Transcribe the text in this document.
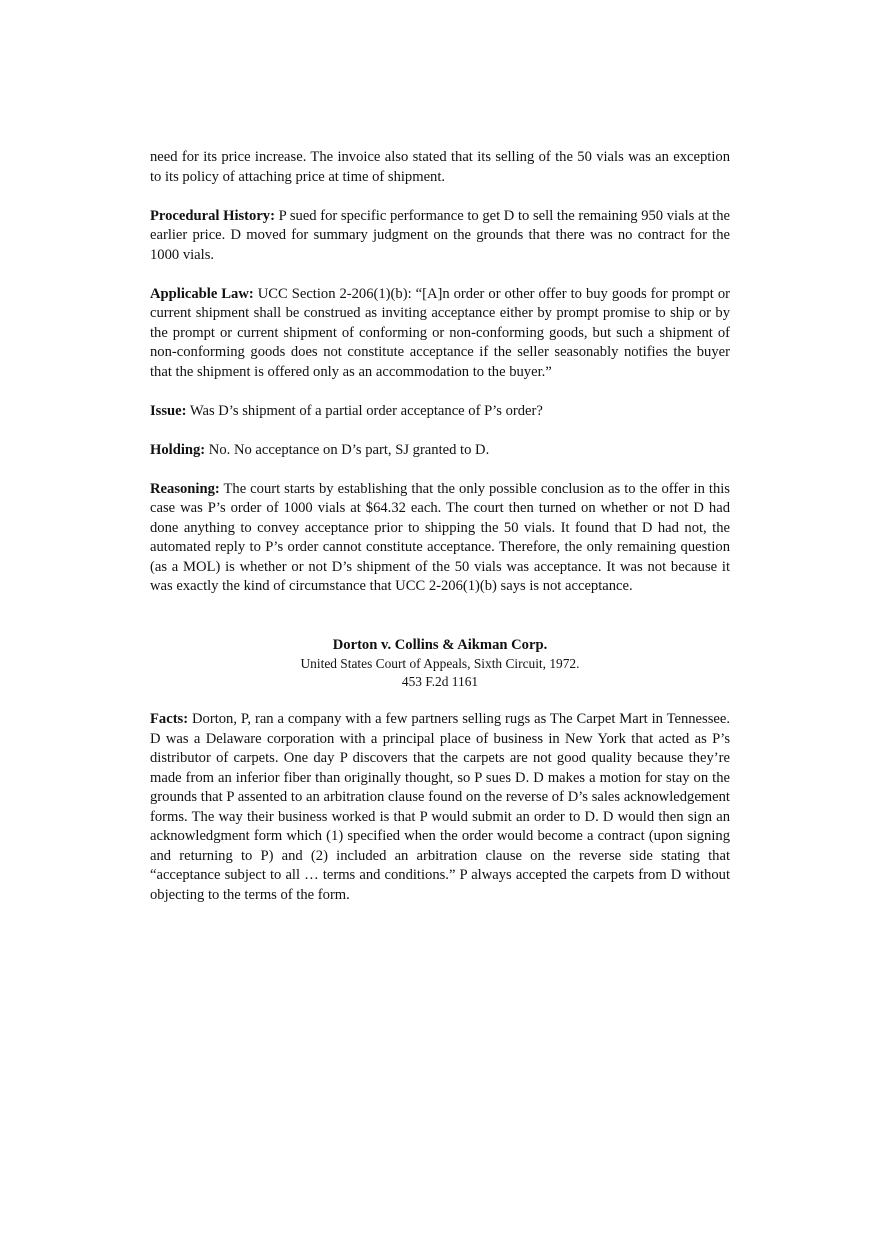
need for its price increase. The invoice also stated that its selling of the 50 vials was an exception to its policy of attaching price at time of shipment.

Procedural History: P sued for specific performance to get D to sell the remaining 950 vials at the earlier price. D moved for summary judgment on the grounds that there was no contract for the 1000 vials.

Applicable Law: UCC Section 2-206(1)(b): “[A]n order or other offer to buy goods for prompt or current shipment shall be construed as inviting acceptance either by prompt promise to ship or by the prompt or current shipment of conforming or non-conforming goods, but such a shipment of non-conforming goods does not constitute acceptance if the seller seasonably notifies the buyer that the shipment is offered only as an accommodation to the buyer.”

Issue: Was D’s shipment of a partial order acceptance of P’s order?

Holding: No. No acceptance on D’s part, SJ granted to D.

Reasoning: The court starts by establishing that the only possible conclusion as to the offer in this case was P’s order of 1000 vials at $64.32 each. The court then turned on whether or not D had done anything to convey acceptance prior to shipping the 50 vials. It found that D had not, the automated reply to P’s order cannot constitute acceptance. Therefore, the only remaining question (as a MOL) is whether or not D’s shipment of the 50 vials was acceptance. It was not because it was exactly the kind of circumstance that UCC 2-206(1)(b) says is not acceptance.

Dorton v. Collins & Aikman Corp.

United States Court of Appeals, Sixth Circuit, 1972.

453 F.2d 1161

Facts: Dorton, P, ran a company with a few partners selling rugs as The Carpet Mart in Tennessee. D was a Delaware corporation with a principal place of business in New York that acted as P’s distributor of carpets. One day P discovers that the carpets are not good quality because they’re made from an inferior fiber than originally thought, so P sues D. D makes a motion for stay on the grounds that P assented to an arbitration clause found on the reverse of D’s sales acknowledgement forms. The way their business worked is that P would submit an order to D. D would then sign an acknowledgment form which (1) specified when the order would become a contract (upon signing and returning to P) and (2) included an arbitration clause on the reverse side stating that “acceptance subject to all … terms and conditions.” P always accepted the carpets from D without objecting to the terms of the form.
